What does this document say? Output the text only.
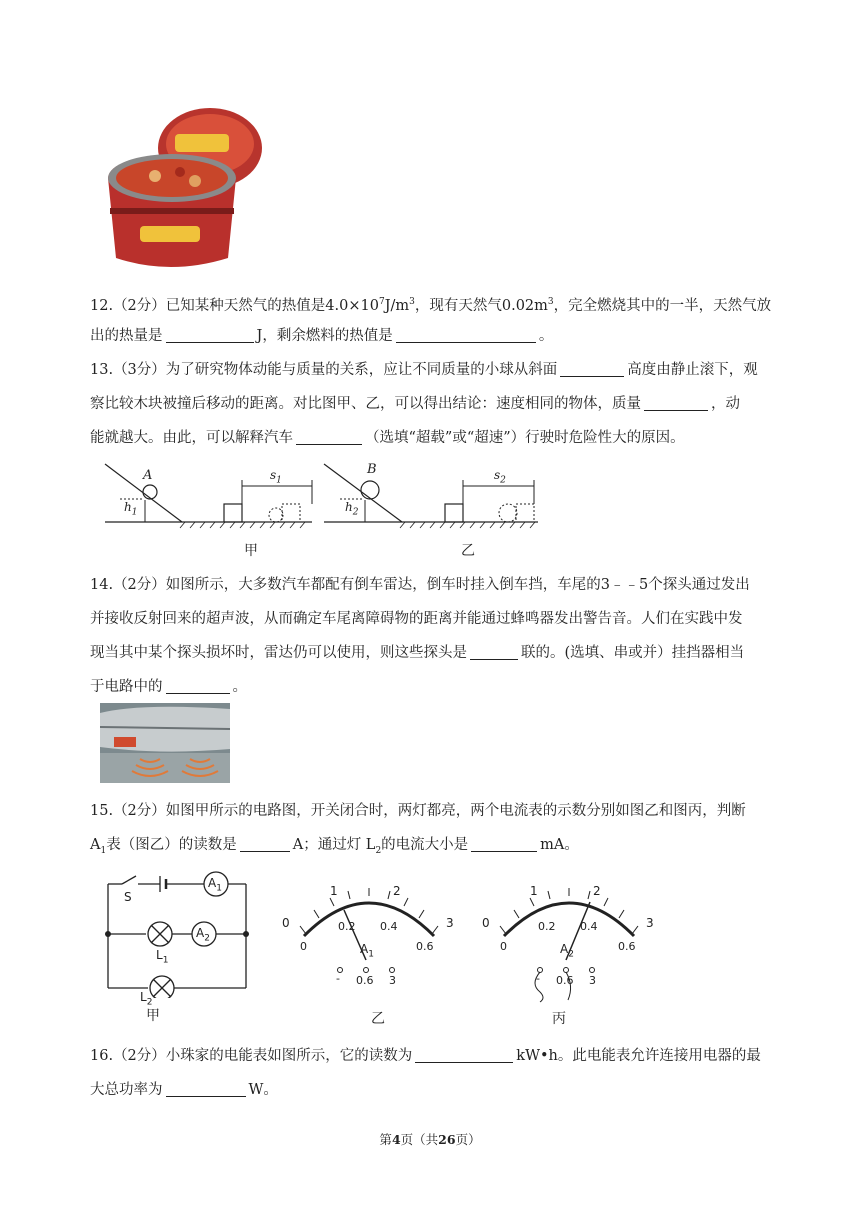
12.（2分）已知某种天然气的热值是$4.0\times 10^7J/m^3$，现有天然气$0.02m^3$，完全燃烧其中的一半，天然气放
出的热量是	J，剩余燃料的热值是	。
13.（3分）为了研究物体动能与质量的关系，应让不同质量的小球从斜面	高度由静止滚下，观
察比较木块被撞后移动的距离。对比图甲、乙，可以得出结论：速度相同的物体，质量	，动
能就越大。由此，可以解释汽车	（选填“超载”或“超速”）行驶时危险性大的原因。
A	B
$h_1$	$h_2$
$s_1$	$s_2$
甲	乙
14.（2分）如图所示，大多数汽车都配有倒车雷达，倒车时挂入倒车挡，车尾的3﹣﹣5个探头通过发出
并接收反射回来的超声波，从而确定车尾离障碍物的距离并能通过蜂鸣器发出警告音。人们在实践中发
现当其中某个探头损坏时，雷达仍可以使用，则这些探头是	联的。(选填、串或并）挂挡器相当
于电路中的	。
15.（2分）如图甲所示的电路图，开关闭合时，两灯都亮，两个电流表的示数分别如图乙和图丙，判断
$A_1$表（图乙）的读数是	A；通过灯 $L_2$的电流大小是	mA。
S
$A_1$
$A_2$
$L_1$
$L_2$
甲
0
1	2
3
0
0.2 0.4
0.6
$A_1$
- 0.6 3
乙
0
1	2
3
0
0.2 0.4
0.6
$A_2$
- 0.6 3
丙
16.（2分）小珠家的电能表如图所示，它的读数为	kW•h。此电能表允许连接用电器的最
大总功率为	W。
第4页（共26页）
